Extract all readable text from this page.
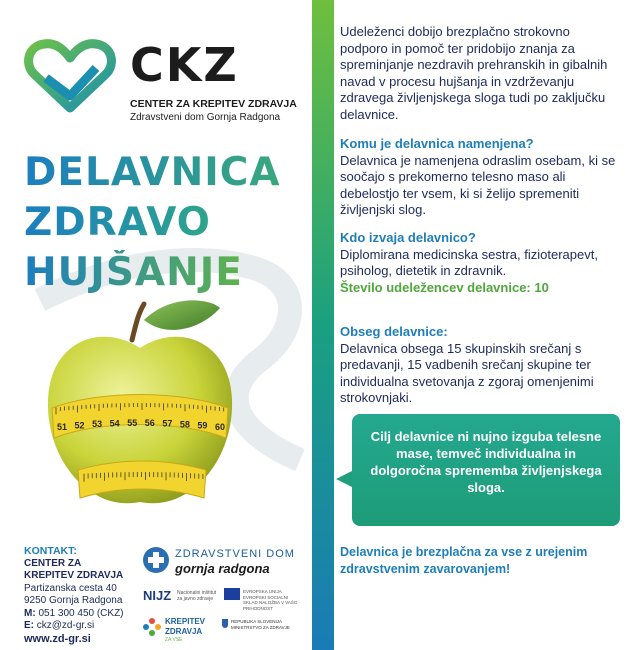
CKZ
CENTER ZA KREPITEV ZDRAVJA
Zdravstveni dom Gornja Radgona
DELAVNICA
ZDRAVO
HUJŠANJE
51 52 53 54 55 56 57 58 59 60
KONTAKT:
CENTER ZA
KREPITEV ZDRAVJA
Partizanska cesta 40
9250 Gornja Radgona
M: 051 300 450 (CKZ)
E: ckz@zd-gr.si
www.zd-gr.si
ZDRAVSTVENI DOM
gornja radgona
NIJZ Nacionalni inštitut za javno zdravje
EVROPSKA UNIJA EVROPSKI SOCIALNI SKLAD NALOŽBA V VAŠO PRIHODNOST
KREPITEV
ZDRAVJA
ZA VSE
REPUBLIKA SLOVENIJA
MINISTRSTVO ZA ZDRAVJE

Udeleženci dobijo brezplačno strokovno podporo in pomoč ter pridobijo znanja za spreminjanje nezdravih prehranskih in gibalnih navad v procesu hujšanja in vzdrževanju zdravega življenjskega sloga tudi po zaključku delavnice.

Komu je delavnica namenjena?
Delavnica je namenjena odraslim osebam, ki se soočajo s prekomerno telesno maso ali debelostjo ter vsem, ki si želijo spremeniti življenjski slog.
Kdo izvaja delavnico?
Diplomirana medicinska sestra, fizioterapevt, psiholog, dietetik in zdravnik.
Število udeležencev delavnice: 10
Obseg delavnice:
Delavnica obsega 15 skupinskih srečanj s predavanji, 15 vadbenih srečanj skupine ter individualna svetovanja z zgoraj omenjenimi strokovnjaki.
Cilj delavnice ni nujno izguba telesne mase, temveč individualna in dolgoročna sprememba življenjskega sloga.
Delavnica je brezplačna za vse z urejenim zdravstvenim zavarovanjem!
